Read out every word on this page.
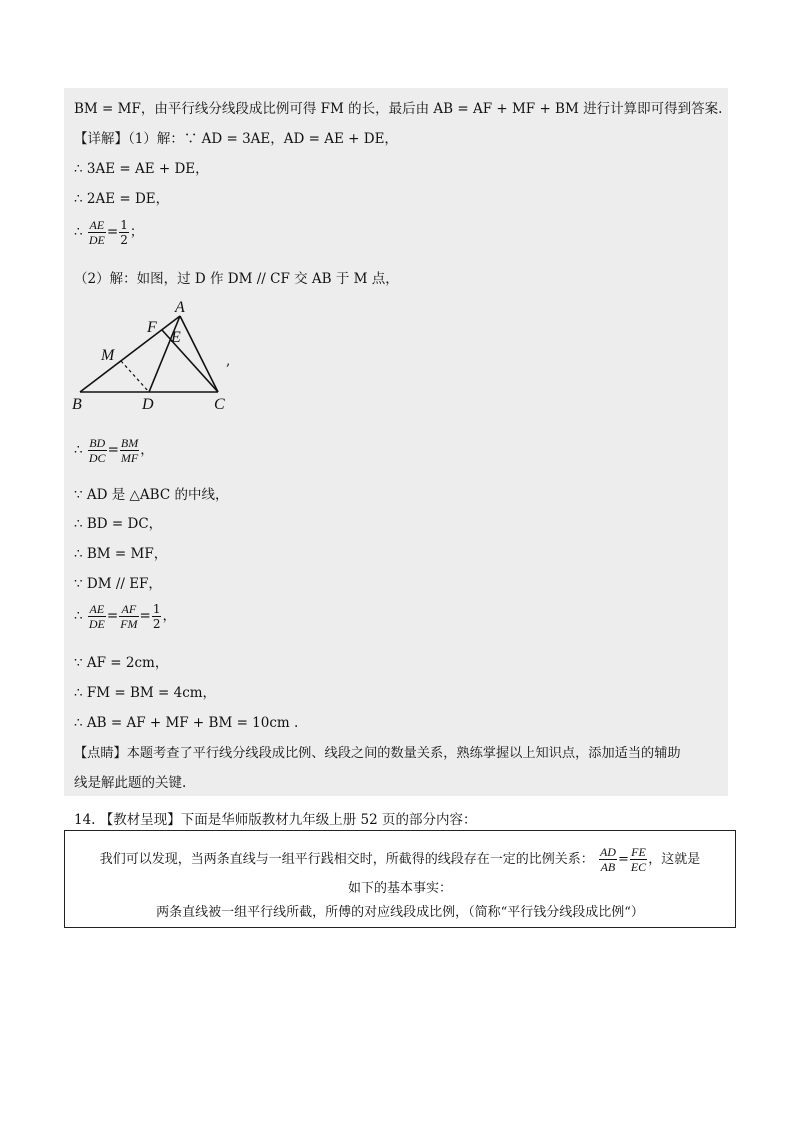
BM = MF，由平行线分线段成比例可得 FM 的长，最后由 AB = AF + MF + BM 进行计算即可得到答案.
【详解】（1）解：∵ AD = 3AE，AD = AE + DE，
∴ 3AE = AE + DE，
∴ 2AE = DE，
∴ $\frac{AE}{DE} = \frac{1}{2}$ ；
（2）解：如图，过 D 作 DM // CF 交 AB 于 M 点，
A
B	C
D
E
F
M	,
∴ $\frac{BD}{DC} = \frac{BM}{MF}$ ，
∵ AD 是 △ABC 的中线，
∴ BD = DC，
∴ BM = MF，
∵ DM // EF，
∴ $\frac{AE}{DE} = \frac{AF}{FM} = \frac{1}{2}$ ，
∵ AF = 2cm，
∴ FM = BM = 4cm，
∴ AB = AF + MF + BM = 10cm .
【点睛】本题考查了平行线分线段成比例、线段之间的数量关系，熟练掌握以上知识点，添加适当的辅助
线是解此题的关键.
14. 【教材呈现】下面是华师版教材九年级上册 52 页的部分内容：
我们可以发现，当两条直线与一组平行践相交时，所截得的线段存在一定的比例关系： $\frac{AD}{AB} = \frac{FE}{EC}$ ，这就是
如下的基本事实：
两条直线被一组平行线所截，所傅的对应线段成比例，（简称“平行钱分线段成比例“）
